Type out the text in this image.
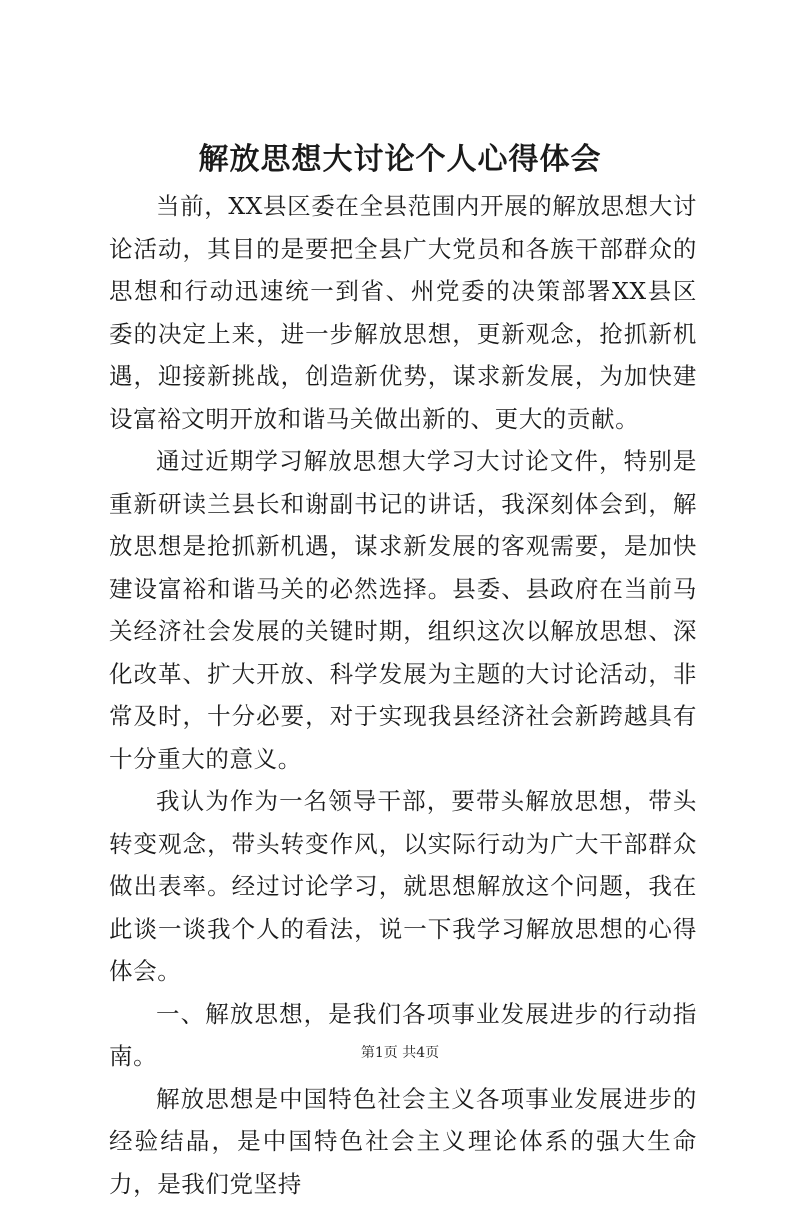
解放思想大讨论个人心得体会

当前，XX县区委在全县范围内开展的解放思想大讨论活动，其目的是要把全县广大党员和各族干部群众的思想和行动迅速统一到省、州党委的决策部署XX县区委的决定上来，进一步解放思想，更新观念，抢抓新机遇，迎接新挑战，创造新优势，谋求新发展，为加快建设富裕文明开放和谐马关做出新的、更大的贡献。

通过近期学习解放思想大学习大讨论文件，特别是重新研读兰县长和谢副书记的讲话，我深刻体会到，解放思想是抢抓新机遇，谋求新发展的客观需要，是加快建设富裕和谐马关的必然选择。县委、县政府在当前马关经济社会发展的关键时期，组织这次以解放思想、深化改革、扩大开放、科学发展为主题的大讨论活动，非常及时，十分必要，对于实现我县经济社会新跨越具有十分重大的意义。

我认为作为一名领导干部，要带头解放思想，带头转变观念，带头转变作风，以实际行动为广大干部群众做出表率。经过讨论学习，就思想解放这个问题，我在此谈一谈我个人的看法，说一下我学习解放思想的心得体会。

一、解放思想，是我们各项事业发展进步的行动指南。

解放思想是中国特色社会主义各项事业发展进步的经验结晶，是中国特色社会主义理论体系的强大生命力，是我们党坚持

第1页 共4页
